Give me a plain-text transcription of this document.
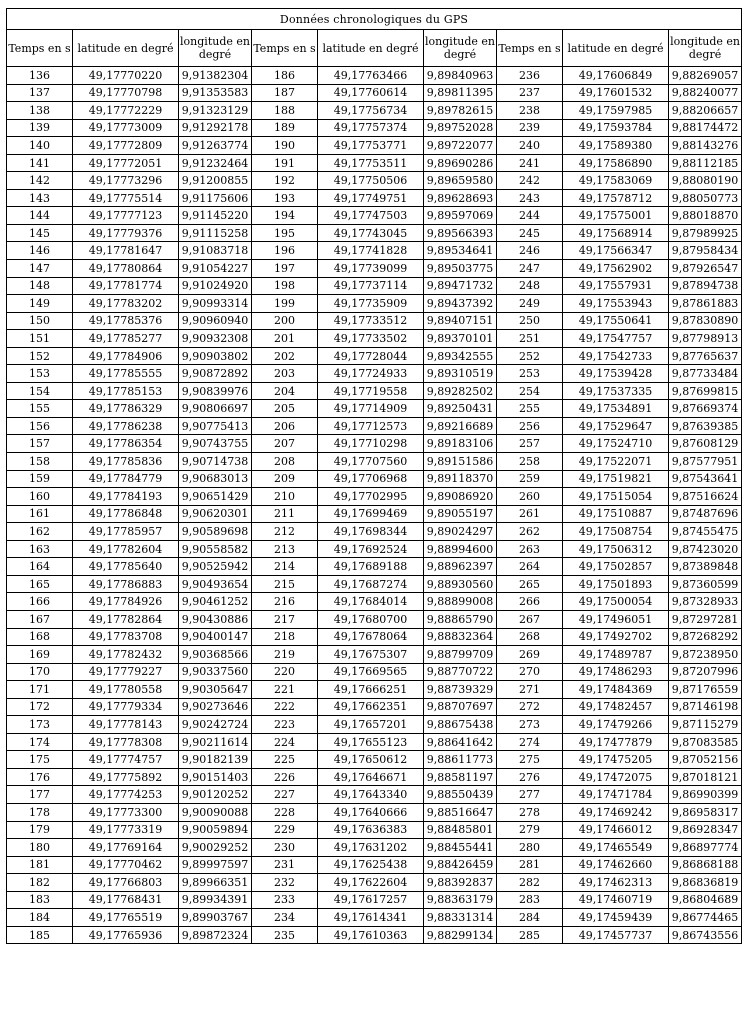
Données chronologiques du GPS								
Temps en s	latitude en degré	longitude en degré	Temps en s	latitude en degré	longitude en degré	Temps en s	latitude en degré	longitude en degré
136	49,17770220	9,91382304	186	49,17763466	9,89840963	236	49,17606849	9,88269057
137	49,17770798	9,91353583	187	49,17760614	9,89811395	237	49,17601532	9,88240077
138	49,17772229	9,91323129	188	49,17756734	9,89782615	238	49,17597985	9,88206657
139	49,17773009	9,91292178	189	49,17757374	9,89752028	239	49,17593784	9,88174472
140	49,17772809	9,91263774	190	49,17753771	9,89722077	240	49,17589380	9,88143276
141	49,17772051	9,91232464	191	49,17753511	9,89690286	241	49,17586890	9,88112185
142	49,17773296	9,91200855	192	49,17750506	9,89659580	242	49,17583069	9,88080190
143	49,17775514	9,91175606	193	49,17749751	9,89628693	243	49,17578712	9,88050773
144	49,17777123	9,91145220	194	49,17747503	9,89597069	244	49,17575001	9,88018870
145	49,17779376	9,91115258	195	49,17743045	9,89566393	245	49,17568914	9,87989925
146	49,17781647	9,91083718	196	49,17741828	9,89534641	246	49,17566347	9,87958434
147	49,17780864	9,91054227	197	49,17739099	9,89503775	247	49,17562902	9,87926547
148	49,17781774	9,91024920	198	49,17737114	9,89471732	248	49,17557931	9,87894738
149	49,17783202	9,90993314	199	49,17735909	9,89437392	249	49,17553943	9,87861883
150	49,17785376	9,90960940	200	49,17733512	9,89407151	250	49,17550641	9,87830890
151	49,17785277	9,90932308	201	49,17733502	9,89370101	251	49,17547757	9,87798913
152	49,17784906	9,90903802	202	49,17728044	9,89342555	252	49,17542733	9,87765637
153	49,17785555	9,90872892	203	49,17724933	9,89310519	253	49,17539428	9,87733484
154	49,17785153	9,90839976	204	49,17719558	9,89282502	254	49,17537335	9,87699815
155	49,17786329	9,90806697	205	49,17714909	9,89250431	255	49,17534891	9,87669374
156	49,17786238	9,90775413	206	49,17712573	9,89216689	256	49,17529647	9,87639385
157	49,17786354	9,90743755	207	49,17710298	9,89183106	257	49,17524710	9,87608129
158	49,17785836	9,90714738	208	49,17707560	9,89151586	258	49,17522071	9,87577951
159	49,17784779	9,90683013	209	49,17706968	9,89118370	259	49,17519821	9,87543641
160	49,17784193	9,90651429	210	49,17702995	9,89086920	260	49,17515054	9,87516624
161	49,17786848	9,90620301	211	49,17699469	9,89055197	261	49,17510887	9,87487696
162	49,17785957	9,90589698	212	49,17698344	9,89024297	262	49,17508754	9,87455475
163	49,17782604	9,90558582	213	49,17692524	9,88994600	263	49,17506312	9,87423020
164	49,17785640	9,90525942	214	49,17689188	9,88962397	264	49,17502857	9,87389848
165	49,17786883	9,90493654	215	49,17687274	9,88930560	265	49,17501893	9,87360599
166	49,17784926	9,90461252	216	49,17684014	9,88899008	266	49,17500054	9,87328933
167	49,17782864	9,90430886	217	49,17680700	9,88865790	267	49,17496051	9,87297281
168	49,17783708	9,90400147	218	49,17678064	9,88832364	268	49,17492702	9,87268292
169	49,17782432	9,90368566	219	49,17675307	9,88799709	269	49,17489787	9,87238950
170	49,17779227	9,90337560	220	49,17669565	9,88770722	270	49,17486293	9,87207996
171	49,17780558	9,90305647	221	49,17666251	9,88739329	271	49,17484369	9,87176559
172	49,17779334	9,90273646	222	49,17662351	9,88707697	272	49,17482457	9,87146198
173	49,17778143	9,90242724	223	49,17657201	9,88675438	273	49,17479266	9,87115279
174	49,17778308	9,90211614	224	49,17655123	9,88641642	274	49,17477879	9,87083585
175	49,17774757	9,90182139	225	49,17650612	9,88611773	275	49,17475205	9,87052156
176	49,17775892	9,90151403	226	49,17646671	9,88581197	276	49,17472075	9,87018121
177	49,17774253	9,90120252	227	49,17643340	9,88550439	277	49,17471784	9,86990399
178	49,17773300	9,90090088	228	49,17640666	9,88516647	278	49,17469242	9,86958317
179	49,17773319	9,90059894	229	49,17636383	9,88485801	279	49,17466012	9,86928347
180	49,17769164	9,90029252	230	49,17631202	9,88455441	280	49,17465549	9,86897774
181	49,17770462	9,89997597	231	49,17625438	9,88426459	281	49,17462660	9,86868188
182	49,17766803	9,89966351	232	49,17622604	9,88392837	282	49,17462313	9,86836819
183	49,17768431	9,89934391	233	49,17617257	9,88363179	283	49,17460719	9,86804689
184	49,17765519	9,89903767	234	49,17614341	9,88331314	284	49,17459439	9,86774465
185	49,17765936	9,89872324	235	49,17610363	9,88299134	285	49,17457737	9,86743556
